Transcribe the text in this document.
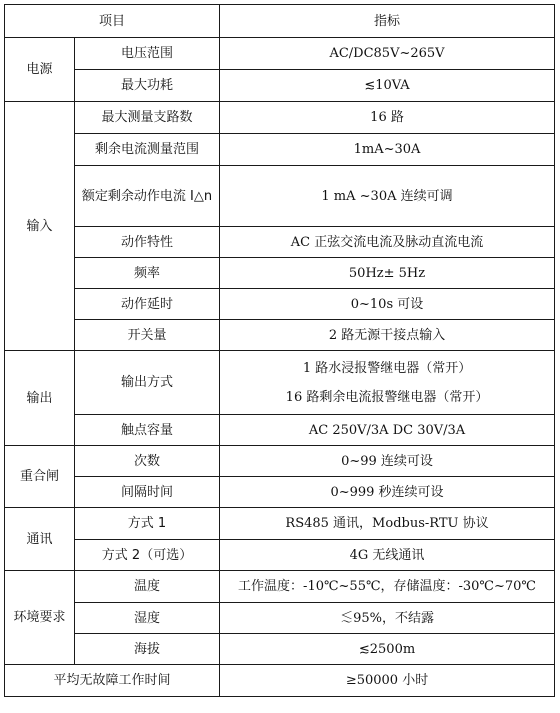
项目		指标
电源	电压范围	AC/DC85V~265V
	最大功耗	≲10VA
输入	最大测量支路数	16 路
	剩余电流测量范围	1mA~30A
	额定剩余动作电流 I△n	1 mA ~30A 连续可调
	动作特性	AC 正弦交流电流及脉动直流电流
	频率	50Hz± 5Hz
	动作延时	0~10s 可设
	开关量	2 路无源干接点输入
输出	输出方式	1 路水浸报警继电器（常开）
16 路剩余电流报警继电器（常开）

	触点容量	AC 250V/3A DC 30V/3A
重合闸	次数	0~99 连续可设
	间隔时间	0~999 秒连续可设
通讯	方式 1	RS485 通讯，Modbus-RTU 协议
	方式 2（可选）	4G 无线通讯
环境要求	温度	工作温度：-10℃~55℃，存储温度：-30℃~70℃
	湿度	≲95%，不结露
	海拔	≲2500m
平均无故障工作时间		≥50000 小时
